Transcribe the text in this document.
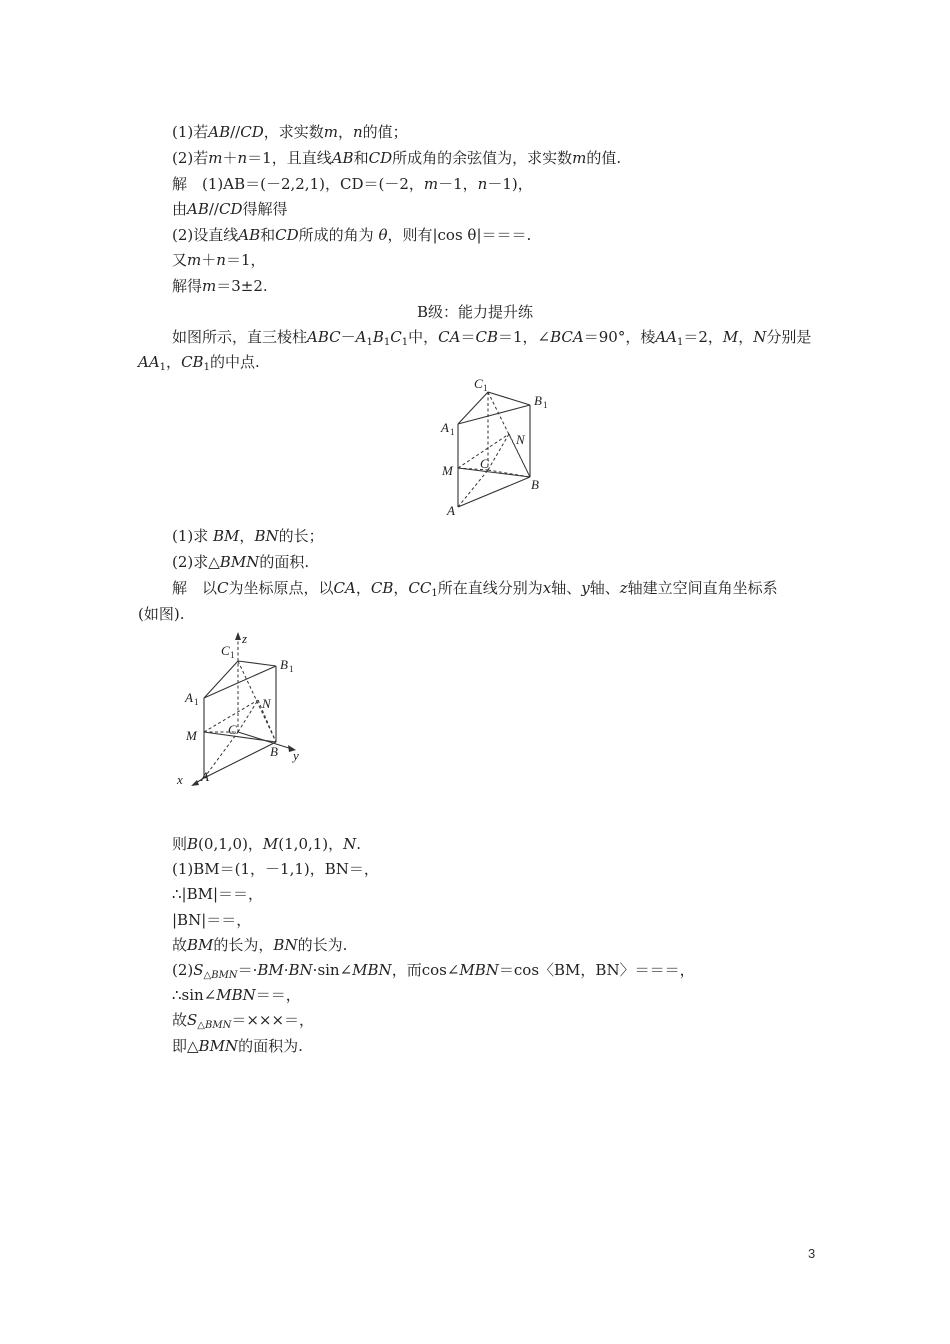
(1)若AB//CD，求实数m，n的值；
(2)若m＋n＝1，且直线AB和CD所成角的余弦值为，求实数m的值.
解　(1)AB＝(－2,2,1)，CD＝(－2，m－1，n－1)，
由AB//CD得解得
(2)设直线AB和CD所成的角为 θ，则有|cos θ|＝＝＝.
又m＋n＝1，
解得m＝3±2.
B级：能力提升练
如图所示，直三棱柱$ABC-A_1B_1C_1$中，CA＝CB＝1，∠BCA＝90°，棱$AA_1=2$，M，N分别是
$AA_1$，$CB_1$的中点.
C 1
B 1
A 1	N
M C
B
A
(1)求 BM，BN的长；
(2)求△BMN的面积.
解　以C为坐标原点，以CA，CB，$CC_1$所在直线分别为x轴、y轴、z轴建立空间直角坐标系
(如图).
z
C 1
B 1
A 1	N
M C
B y
x A
则B(0,1,0)，M(1,0,1)，N.
(1)BM＝(1，－1,1)，BN＝，
∴|BM|＝＝，
|BN|＝＝，
故BM的长为，BN的长为.
$(2)S_{\triangle BMN}=\cdot BM\cdot BN\cdot\sin\angle MBN$，而cos∠MBN＝cos〈BM，BN〉＝＝＝，
∴sin∠MBN＝＝，
故$S_{\triangle BMN}=\times\times\times=$，
即△BMN的面积为.
3
